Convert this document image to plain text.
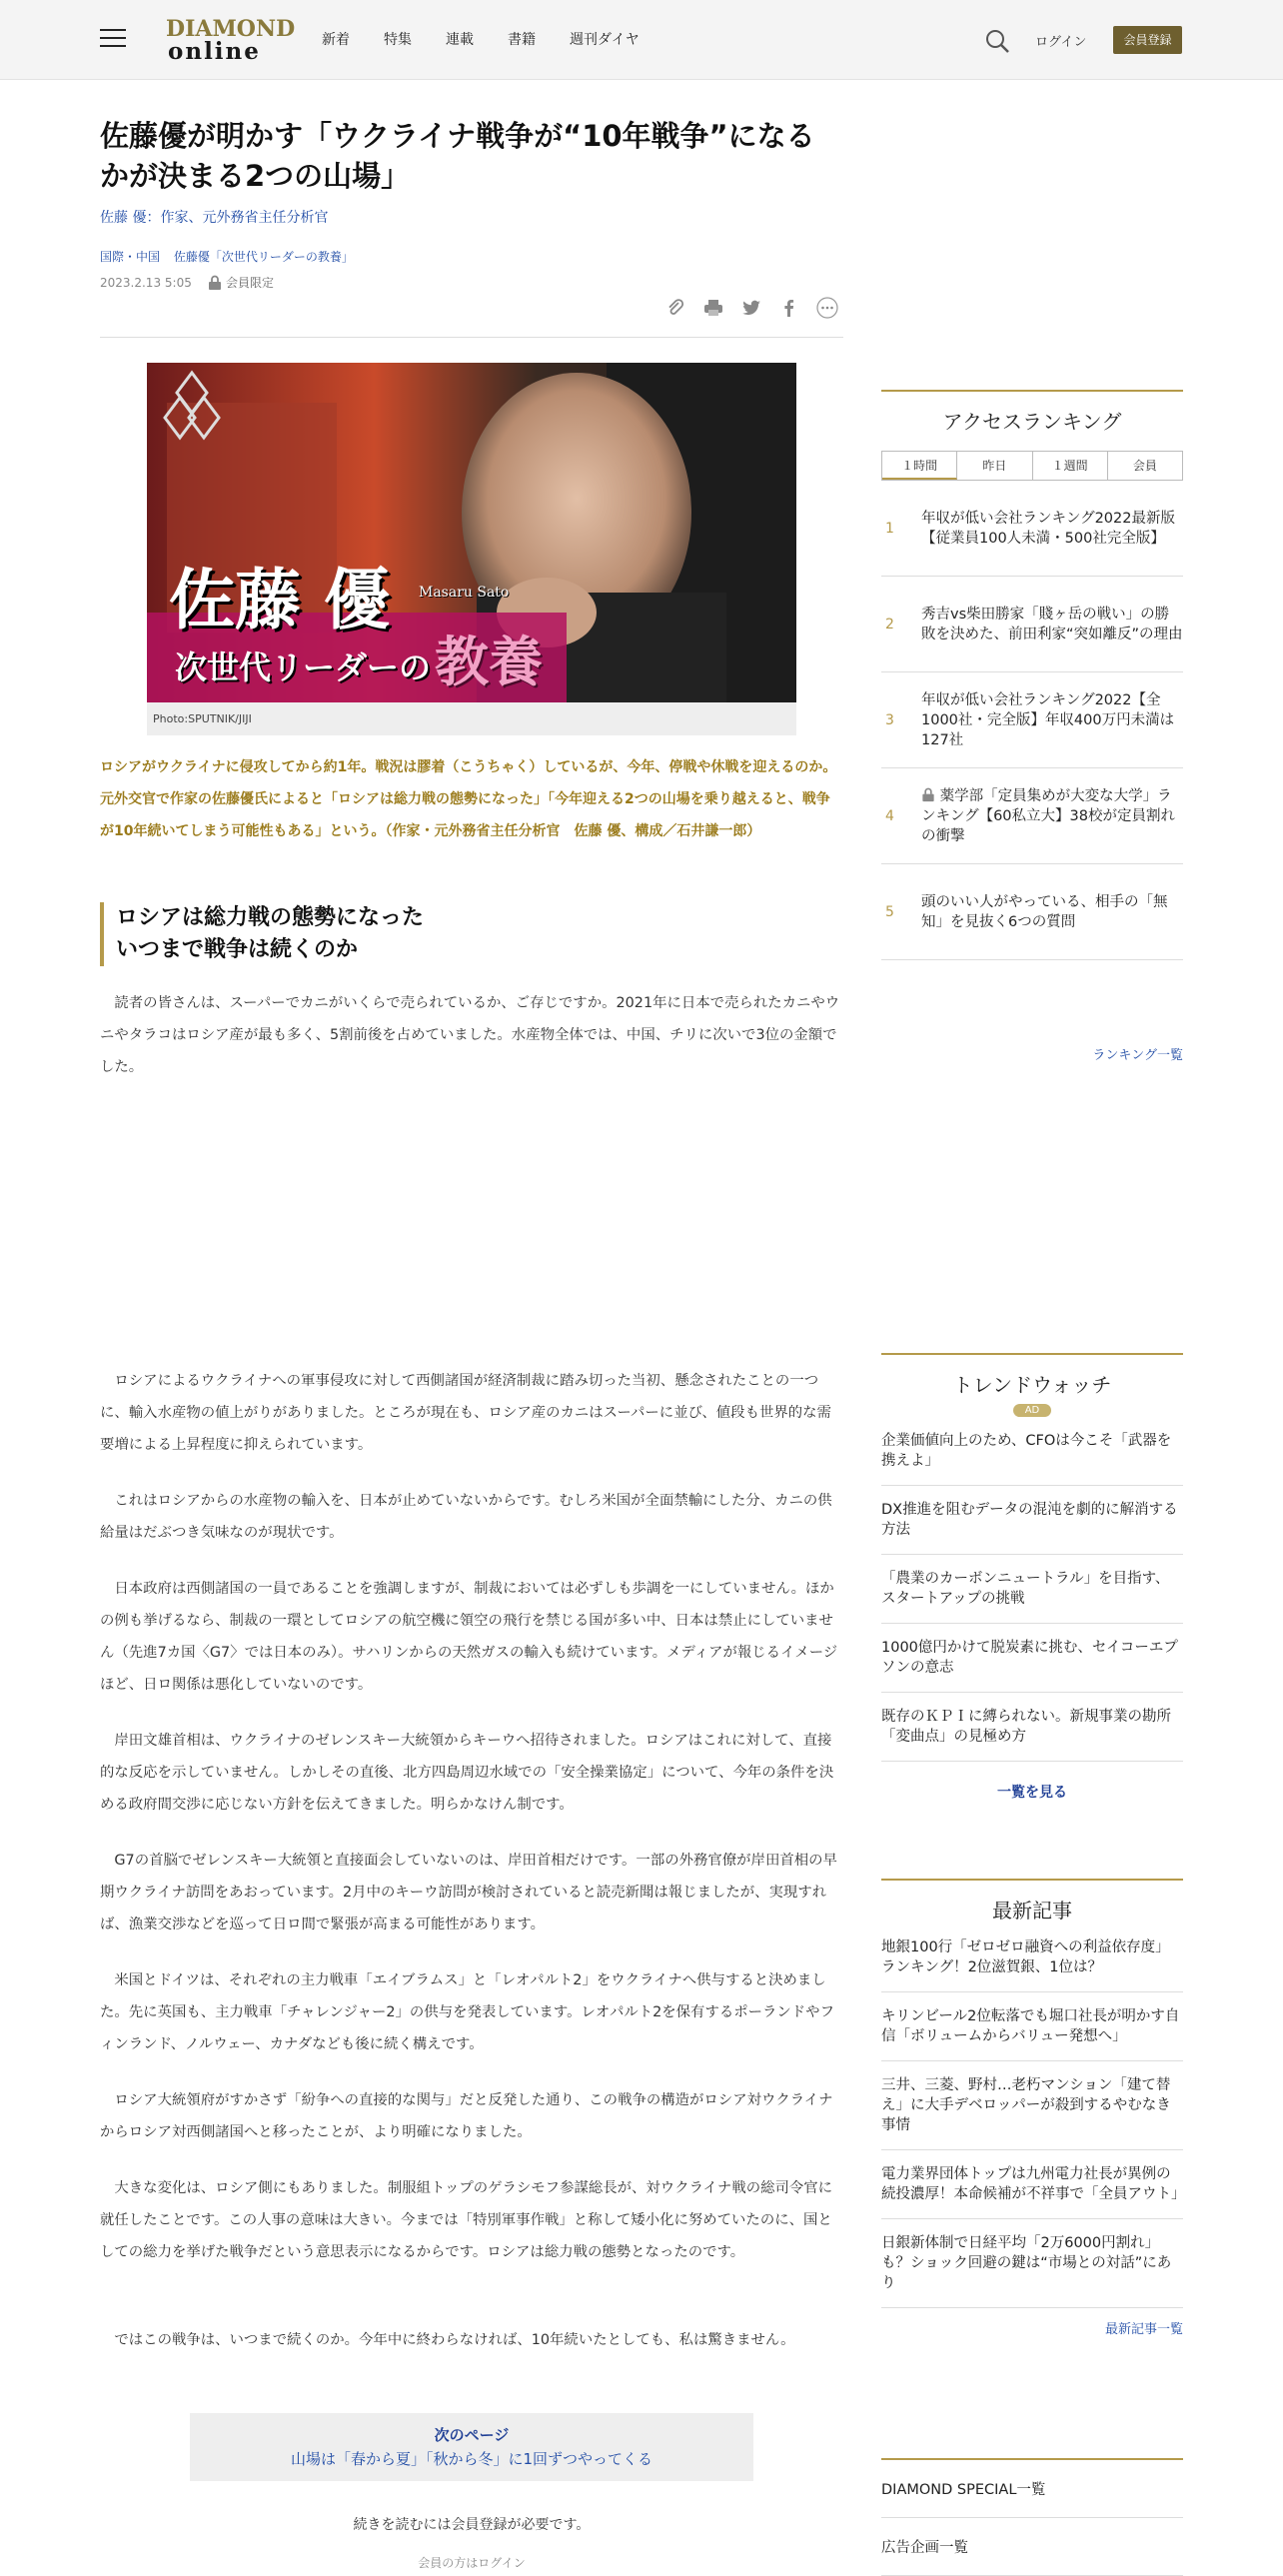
DIAMOND
online	新着 特集 連載 書籍 週刊ダイヤ	ログイン	会員登録
佐藤優が明かす「ウクライナ戦争が“10年戦争”になるかが決まる2つの山場」
佐藤 優：作家、元外務省主任分析官
国際・中国 佐藤優「次世代リーダーの教養」
2023.2.13 5:05	会員限定
佐藤 優 Masaru Sato
次世代リーダーの 教養
Photo:SPUTNIK/JIJI
ロシアがウクライナに侵攻してから約1年。戦況は膠着（こうちゃく）しているが、今年、停戦や休戦を迎えるのか。元外交官で作家の佐藤優氏によると「ロシアは総力戦の態勢になった」「今年迎える2つの山場を乗り越えると、戦争が10年続いてしまう可能性もある」という。（作家・元外務省主任分析官　佐藤 優、構成／石井謙一郎）
ロシアは総力戦の態勢になった
いつまで戦争は続くのか

読者の皆さんは、スーパーでカニがいくらで売られているか、ご存じですか。2021年に日本で売られたカニやウニやタラコはロシア産が最も多く、5割前後を占めていました。水産物全体では、中国、チリに次いで3位の金額でした。

ロシアによるウクライナへの軍事侵攻に対して西側諸国が経済制裁に踏み切った当初、懸念されたことの一つに、輸入水産物の値上がりがありました。ところが現在も、ロシア産のカニはスーパーに並び、値段も世界的な需要増による上昇程度に抑えられています。

これはロシアからの水産物の輸入を、日本が止めていないからです。むしろ米国が全面禁輸にした分、カニの供給量はだぶつき気味なのが現状です。

日本政府は西側諸国の一員であることを強調しますが、制裁においては必ずしも歩調を一にしていません。ほかの例も挙げるなら、制裁の一環としてロシアの航空機に領空の飛行を禁じる国が多い中、日本は禁止にしていません（先進7カ国〈G7〉では日本のみ）。サハリンからの天然ガスの輸入も続けています。メディアが報じるイメージほど、日ロ関係は悪化していないのです。

岸田文雄首相は、ウクライナのゼレンスキー大統領からキーウへ招待されました。ロシアはこれに対して、直接的な反応を示していません。しかしその直後、北方四島周辺水域での「安全操業協定」について、今年の条件を決める政府間交渉に応じない方針を伝えてきました。明らかなけん制です。

G7の首脳でゼレンスキー大統領と直接面会していないのは、岸田首相だけです。一部の外務官僚が岸田首相の早期ウクライナ訪問をあおっています。2月中のキーウ訪問が検討されていると読売新聞は報じましたが、実現すれば、漁業交渉などを巡って日ロ間で緊張が高まる可能性があります。

米国とドイツは、それぞれの主力戦車「エイブラムス」と「レオパルト2」をウクライナへ供与すると決めました。先に英国も、主力戦車「チャレンジャー2」の供与を発表しています。レオパルト2を保有するポーランドやフィンランド、ノルウェー、カナダなども後に続く構えです。

ロシア大統領府がすかさず「紛争への直接的な関与」だと反発した通り、この戦争の構造がロシア対ウクライナからロシア対西側諸国へと移ったことが、より明確になりました。

大きな変化は、ロシア側にもありました。制服組トップのゲラシモフ参謀総長が、対ウクライナ戦の総司令官に就任したことです。この人事の意味は大きい。今までは「特別軍事作戦」と称して矮小化に努めていたのに、国としての総力を挙げた戦争だという意思表示になるからです。ロシアは総力戦の態勢となったのです。

ではこの戦争は、いつまで続くのか。今年中に終わらなければ、10年続いたとしても、私は驚きません。

次のページ
山場は「春から夏」「秋から冬」に1回ずつやってくる
続きを読むには会員登録が必要です。
会員の方はログイン
アクセスランキング
１時間	昨日	１週間	会員
1
年収が低い会社ランキング2022最新版【従業員100人未満・500社完全版】
2
秀吉vs柴田勝家「賤ヶ岳の戦い」の勝敗を決めた、前田利家“突如離反”の理由
3
年収が低い会社ランキング2022【全1000社・完全版】年収400万円未満は127社
4
薬学部「定員集めが大変な大学」ランキング【60私立大】38校が定員割れの衝撃
5
頭のいい人がやっている、相手の「無知」を見抜く6つの質問
ランキング一覧
トレンドウォッチ
AD
企業価値向上のため、CFOは今こそ「武器を携えよ」
DX推進を阻むデータの混沌を劇的に解消する方法
「農業のカーボンニュートラル」を目指す、スタートアップの挑戦
1000億円かけて脱炭素に挑む、セイコーエプソンの意志
既存のＫＰＩに縛られない。新規事業の勘所「変曲点」の見極め方
一覧を見る
最新記事
地銀100行「ゼロゼロ融資への利益依存度」ランキング！2位滋賀銀、1位は？
キリンビール2位転落でも堀口社長が明かす自信「ボリュームからバリュー発想へ」
三井、三菱、野村…老朽マンション「建て替え」に大手デベロッパーが殺到するやむなき事情
電力業界団体トップは九州電力社長が異例の続投濃厚！本命候補が不祥事で「全員アウト」
日銀新体制で日経平均「2万6000円割れ」も？ショック回避の鍵は“市場との対話”にあり
最新記事一覧
DIAMOND SPECIAL一覧
広告企画一覧
